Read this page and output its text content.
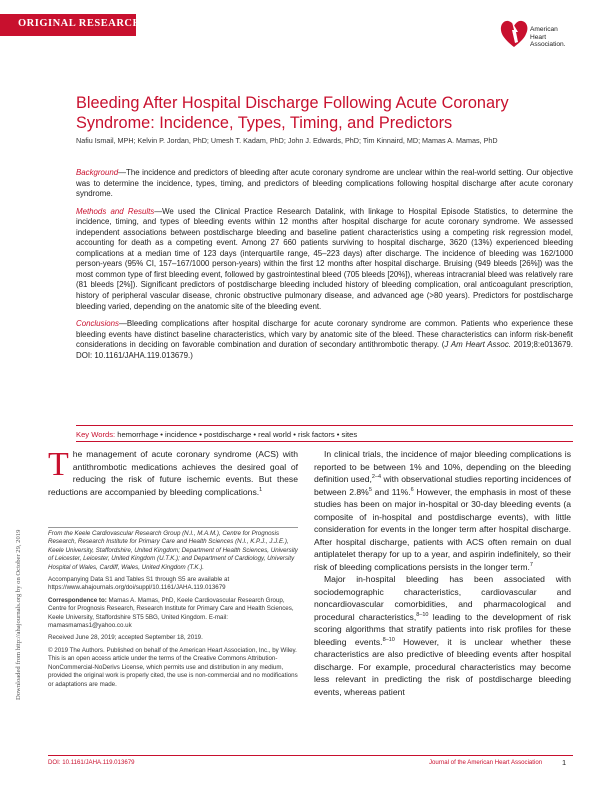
ORIGINAL RESEARCH
American
Heart
Association.
Downloaded from http://ahajournals.org by on October 29, 2019
Bleeding After Hospital Discharge Following Acute Coronary Syndrome: Incidence, Types, Timing, and Predictors
Nafiu Ismail, MPH; Kelvin P. Jordan, PhD; Umesh T. Kadam, PhD; John J. Edwards, PhD; Tim Kinnaird, MD; Mamas A. Mamas, PhD

Background—The incidence and predictors of bleeding after acute coronary syndrome are unclear within the real-world setting. Our objective was to determine the incidence, types, timing, and predictors of bleeding complications following hospital discharge after acute coronary syndrome.

Methods and Results—We used the Clinical Practice Research Datalink, with linkage to Hospital Episode Statistics, to determine the incidence, timing, and types of bleeding events within 12 months after hospital discharge for acute coronary syndrome. We assessed independent associations between postdischarge bleeding and baseline patient characteristics using a competing risk regression model, accounting for death as a competing event. Among 27 660 patients surviving to hospital discharge, 3620 (13%) experienced bleeding complications at a median time of 123 days (interquartile range, 45–223 days) after discharge. The incidence of bleeding was 162/1000 person-years (95% CI, 157–167/1000 person-years) within the first 12 months after hospital discharge. Bruising (949 bleeds [26%]) was the most common type of first bleeding event, followed by gastrointestinal bleed (705 bleeds [20%]), whereas intracranial bleed was relatively rare (81 bleeds [2%]). Significant predictors of postdischarge bleeding included history of bleeding complication, oral anticoagulant prescription, history of peripheral vascular disease, chronic obstructive pulmonary disease, and advanced age (>80 years). Predictors for postdischarge bleeding varied, depending on the anatomic site of the bleeding event.

Conclusions—Bleeding complications after hospital discharge for acute coronary syndrome are common. Patients who experience these bleeding events have distinct baseline characteristics, which vary by anatomic site of the bleed. These characteristics can inform risk-benefit considerations in deciding on favorable combination and duration of secondary antithrombotic therapy. (J Am Heart Assoc. 2019;8:e013679. DOI: 10.1161/JAHA.119.013679.)

Key Words: hemorrhage • incidence • postdischarge • real world • risk factors • sites
The management of acute coronary syndrome (ACS) with antithrombotic medications achieves the desired goal of reducing the risk of future ischemic events. But these reductions are accompanied by bleeding complications.$^1$

From the Keele Cardiovascular Research Group (N.I., M.A.M.), Centre for Prognosis Research, Research Institute for Primary Care and Health Sciences (N.I., K.P.J., J.J.E.), Keele University, Staffordshire, United Kingdom; Department of Health Sciences, University of Leicester, Leicester, United Kingdom (U.T.K.); and Department of Cardiology, University Hospital of Wales, Cardiff, Wales, United Kingdom (T.K.).

Accompanying Data S1 and Tables S1 through S5 are available at https://www.ahajournals.org/doi/suppl/10.1161/JAHA.119.013679

Correspondence to: Mamas A. Mamas, PhD, Keele Cardiovascular Research Group, Centre for Prognosis Research, Research Institute for Primary Care and Health Sciences, Keele University, Staffordshire ST5 5BG, United Kingdom. E-mail: mamasmamas1@yahoo.co.uk

Received June 28, 2019; accepted September 18, 2019.

© 2019 The Authors. Published on behalf of the American Heart Association, Inc., by Wiley. This is an open access article under the terms of the Creative Commons Attribution-NonCommercial-NoDerivs License, which permits use and distribution in any medium, provided the original work is properly cited, the use is non-commercial and no modifications or adaptations are made.

In clinical trials, the incidence of major bleeding complications is reported to be between 1% and 10%, depending on the bleeding definition used,$^{2-4}$ with observational studies reporting incidences of between 2.8%$^5$ and 11%.$^6$ However, the emphasis in most of these studies has been on major in-hospital or 30-day bleeding events (a composite of in-hospital and postdischarge events), with little consideration for events in the longer term after hospital discharge. After hospital discharge, patients with ACS often remain on dual antiplatelet therapy for up to a year, and aspirin indefinitely, so their risk of bleeding complications persists in the longer term.$^7$

Major in-hospital bleeding has been associated with sociodemographic characteristics, cardiovascular and noncardiovascular comorbidities, and pharmacological and procedural characteristics,$^{8-10}$ leading to the development of risk scoring algorithms that stratify patients into risk profiles for these bleeding events.$^{8-10}$ However, it is unclear whether these characteristics are also predictive of bleeding events after hospital discharge. For example, procedural characteristics may become less relevant in predicting the risk of postdischarge bleeding events, whereas patient

DOI: 10.1161/JAHA.119.013679	Journal of the American Heart Association	1
